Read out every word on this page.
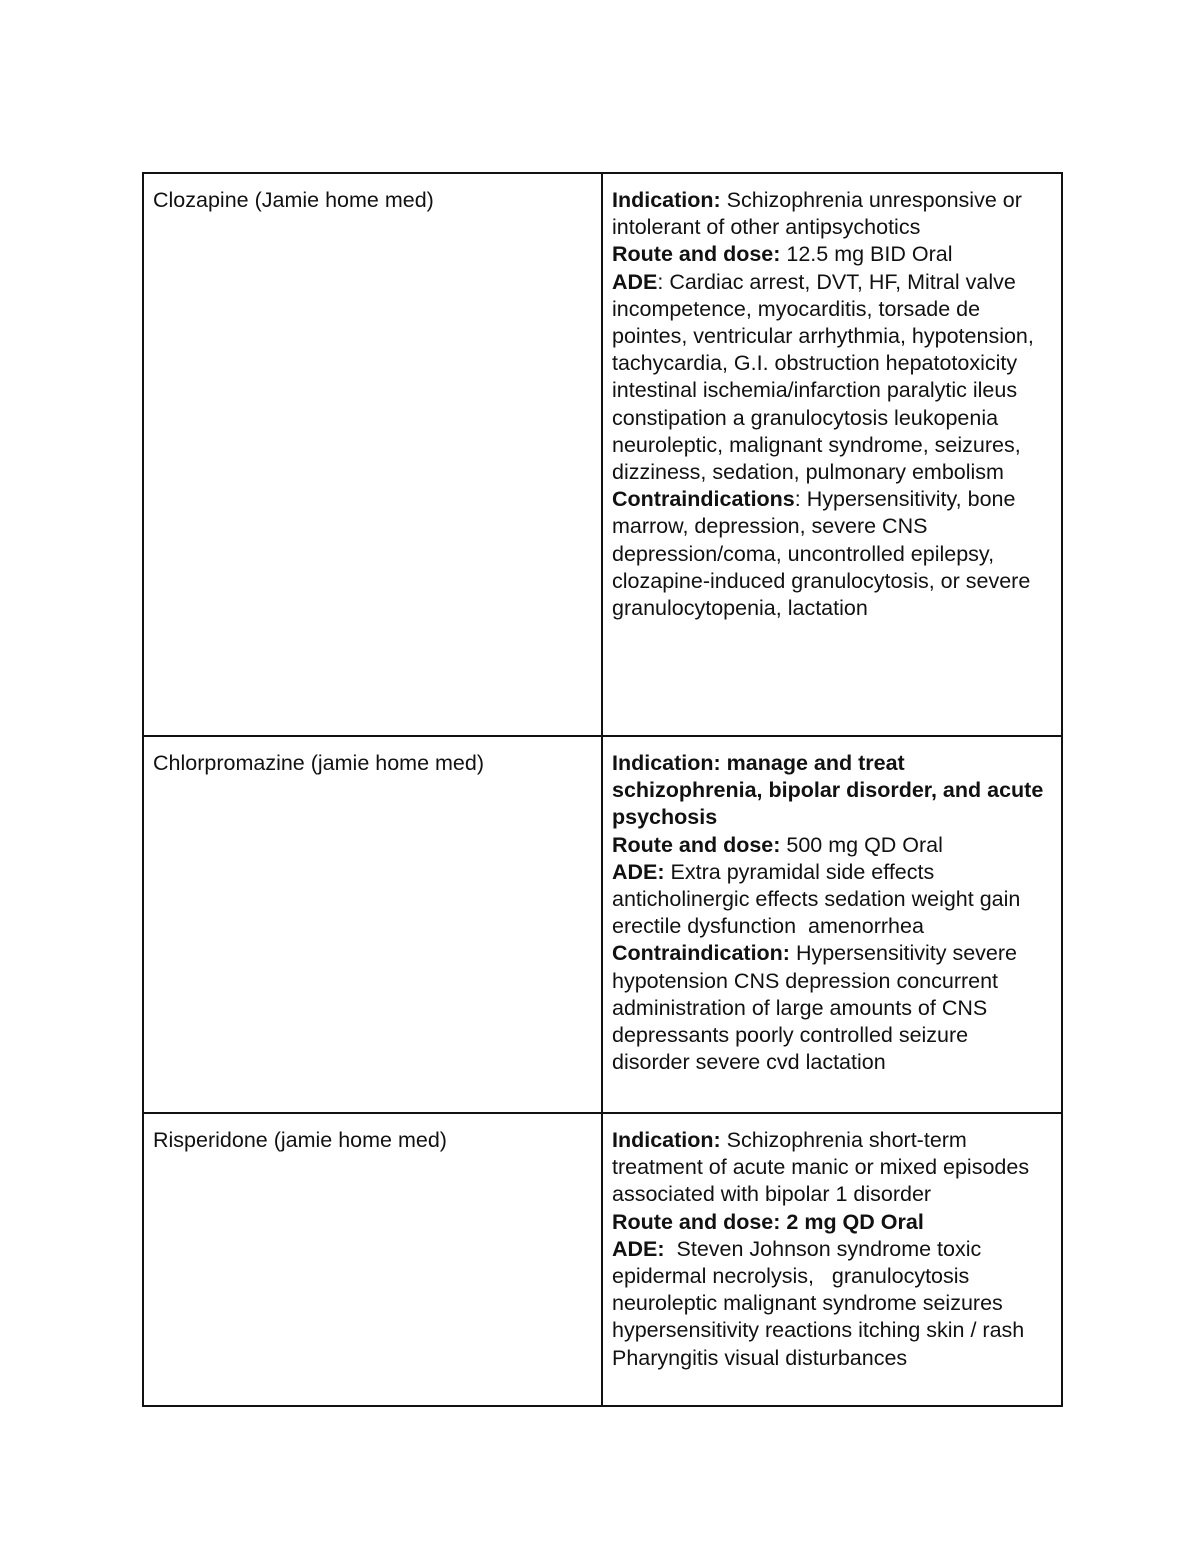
Clozapine (Jamie home med)	Indication: Schizophrenia unresponsive or intolerant of other antipsychotics
Route and dose: 12.5 mg BID Oral
ADE: Cardiac arrest, DVT, HF, Mitral valve incompetence, myocarditis, torsade de pointes, ventricular arrhythmia, hypotension, tachycardia, G.I. obstruction hepatotoxicity intestinal ischemia/infarction paralytic ileus constipation a granulocytosis leukopenia neuroleptic, malignant syndrome, seizures, dizziness, sedation, pulmonary embolism
Contraindications: Hypersensitivity, bone marrow, depression, severe CNS depression/coma, uncontrolled epilepsy, clozapine-induced granulocytosis, or severe granulocytopenia, lactation

Chlorpromazine (jamie home med)	Indication: manage and treat schizophrenia, bipolar disorder, and acute psychosis
Route and dose: 500 mg QD Oral
ADE: Extra pyramidal side effects anticholinergic effects sedation weight gain erectile dysfunction  amenorrhea
Contraindication: Hypersensitivity severe hypotension CNS depression concurrent administration of large amounts of CNS depressants poorly controlled seizure disorder severe cvd lactation

Risperidone (jamie home med)	Indication: Schizophrenia short-term treatment of acute manic or mixed episodes associated with bipolar 1 disorder
Route and dose: 2 mg QD Oral
ADE:  Steven Johnson syndrome toxic epidermal necrolysis,   granulocytosis neuroleptic malignant syndrome seizures hypersensitivity reactions itching skin / rash Pharyngitis visual disturbances
